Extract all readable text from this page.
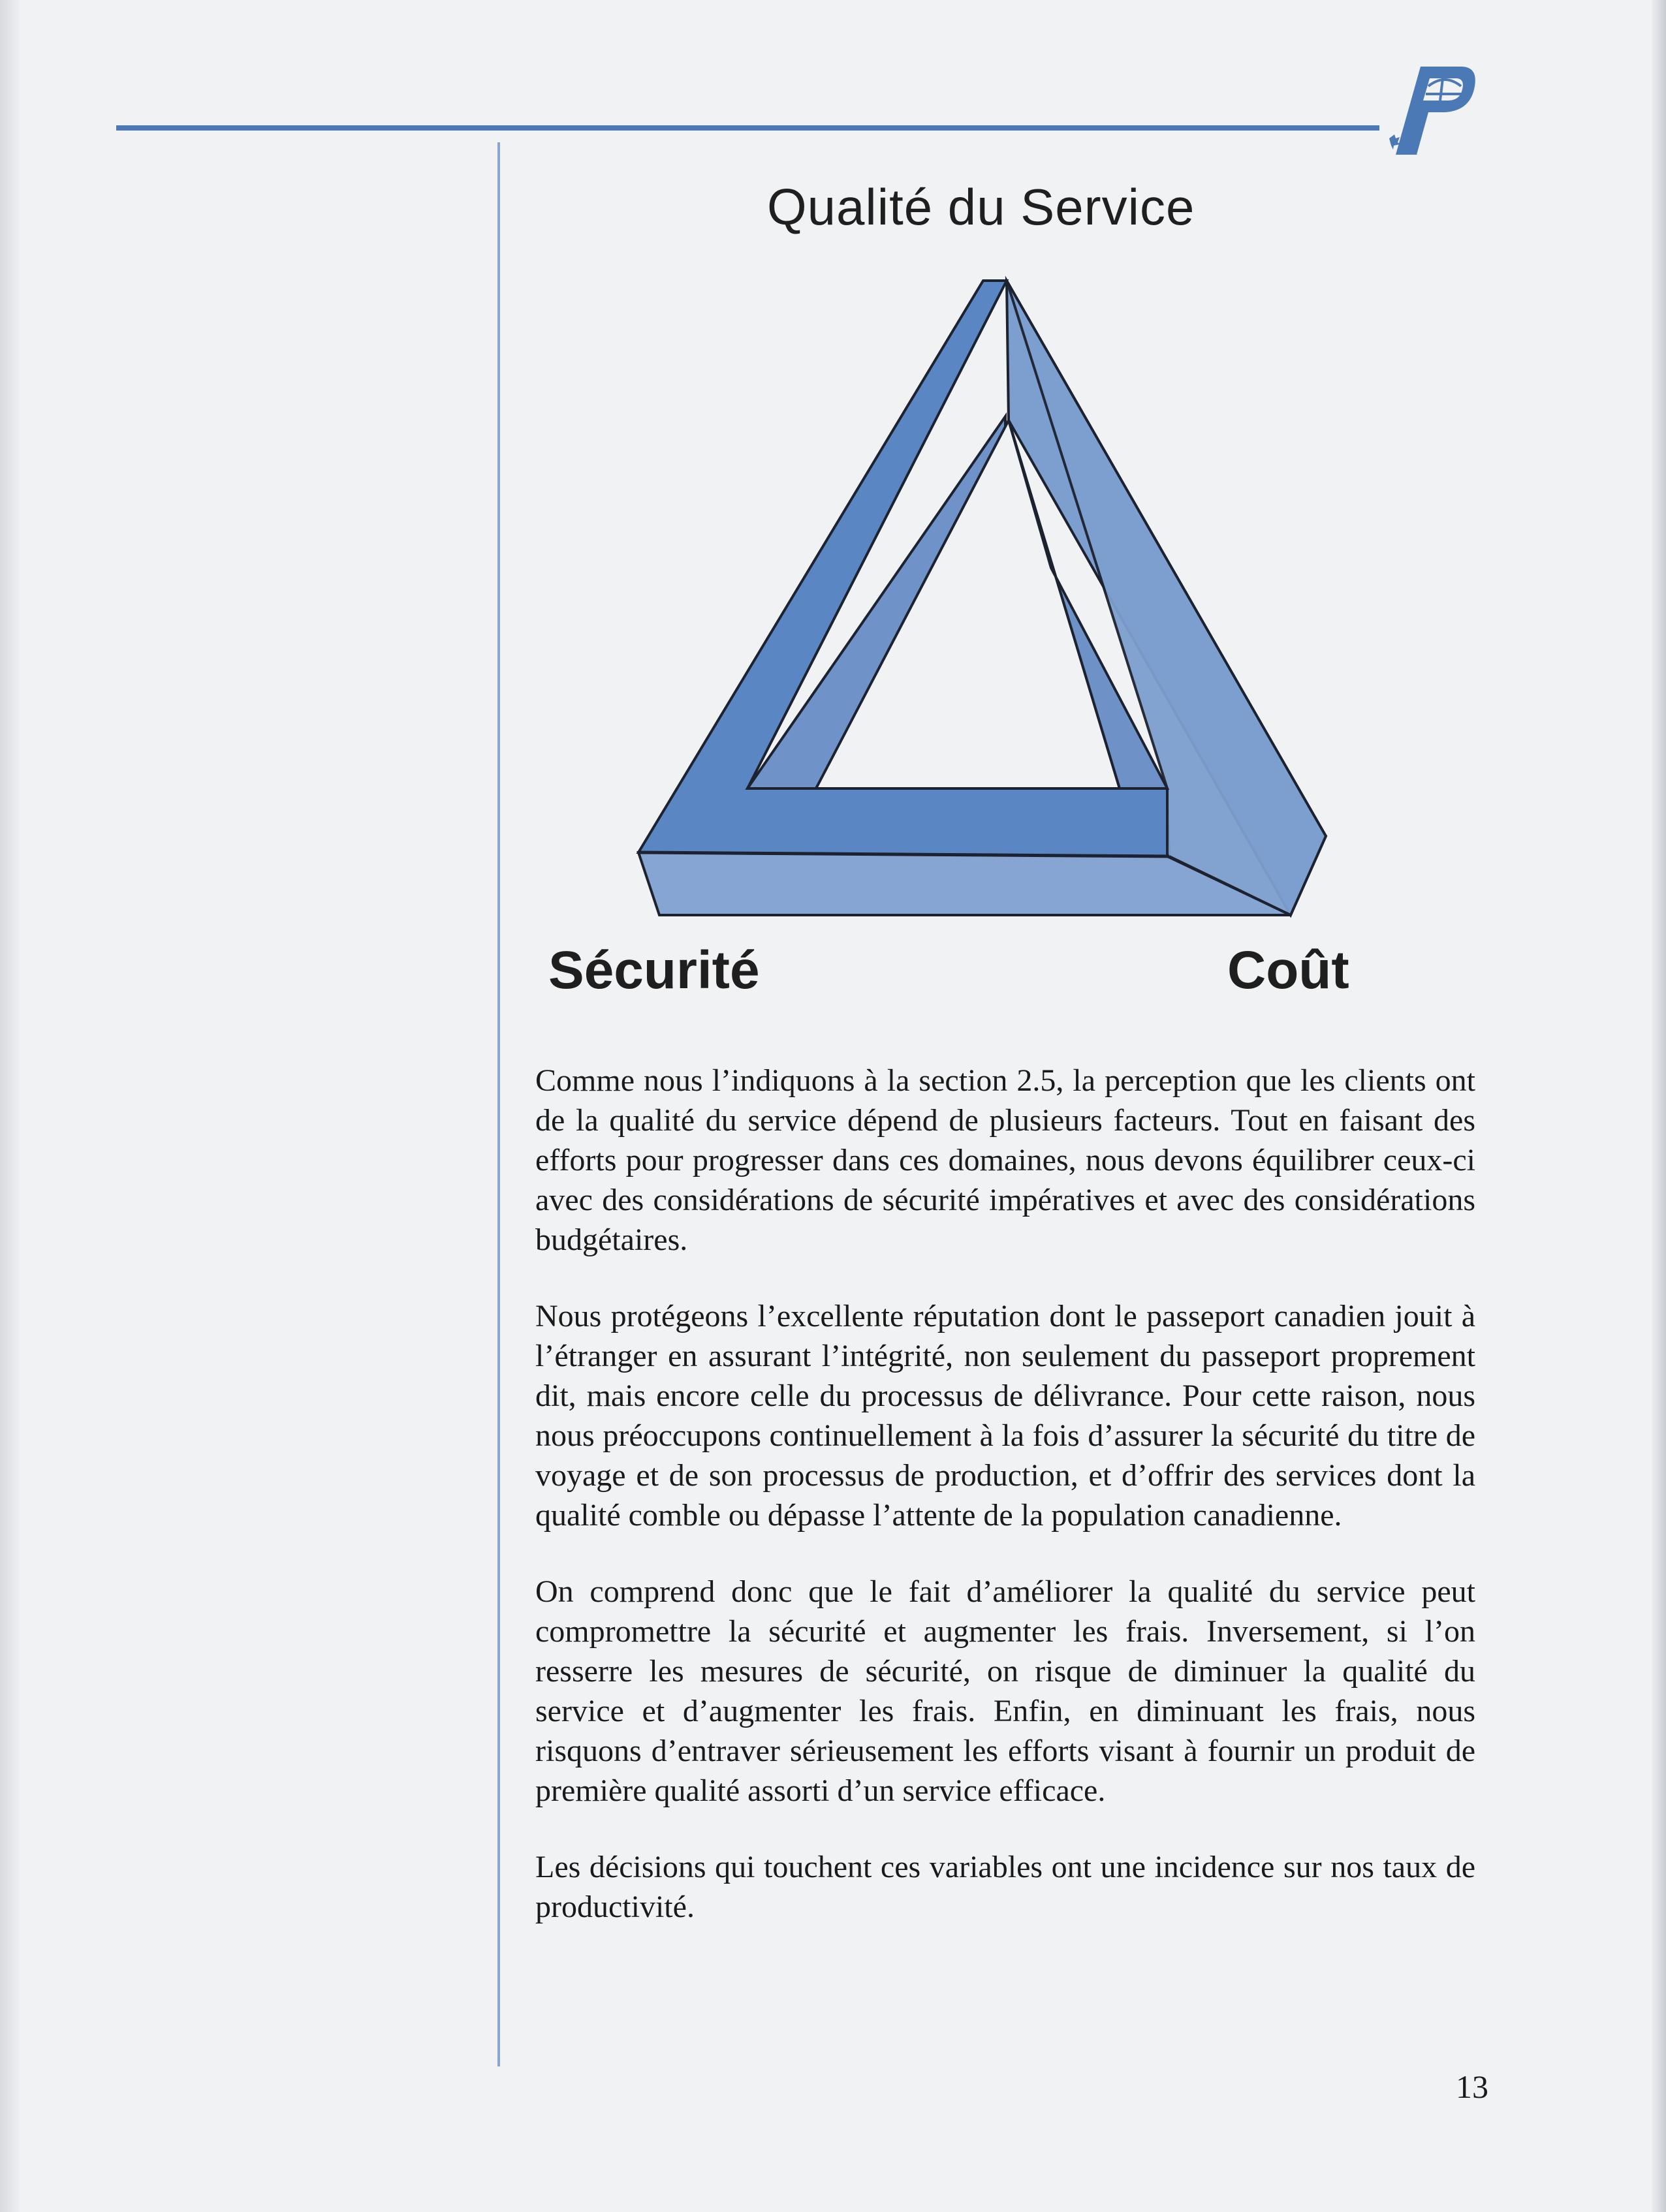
Qualité du Service
Sécurité	Coût

Comme nous l’indiquons à la section 2.5, la perception que les clients ont de la qualité du service dépend de plusieurs facteurs. Tout en faisant des efforts pour progresser dans ces domaines, nous devons équilibrer ceux-ci avec des considérations de sécurité impératives et avec des considérations budgétaires.

Nous protégeons l’excellente réputation dont le passeport canadien jouit à l’étranger en assurant l’intégrité, non seulement du passeport proprement dit, mais encore celle du processus de délivrance. Pour cette raison, nous nous préoccupons continuellement à la fois d’assurer la sécurité du titre de voyage et de son processus de production, et d’offrir des services dont la qualité comble ou dépasse l’attente de la population canadienne.

On comprend donc que le fait d’améliorer la qualité du service peut compromettre la sécurité et augmenter les frais. Inversement, si l’on resserre les mesures de sécurité, on risque de diminuer la qualité du service et d’augmenter les frais. Enfin, en diminuant les frais, nous risquons d’entraver sérieusement les efforts visant à fournir un produit de première qualité assorti d’un service efficace.

Les décisions qui touchent ces variables ont une incidence sur nos taux de productivité.

13
